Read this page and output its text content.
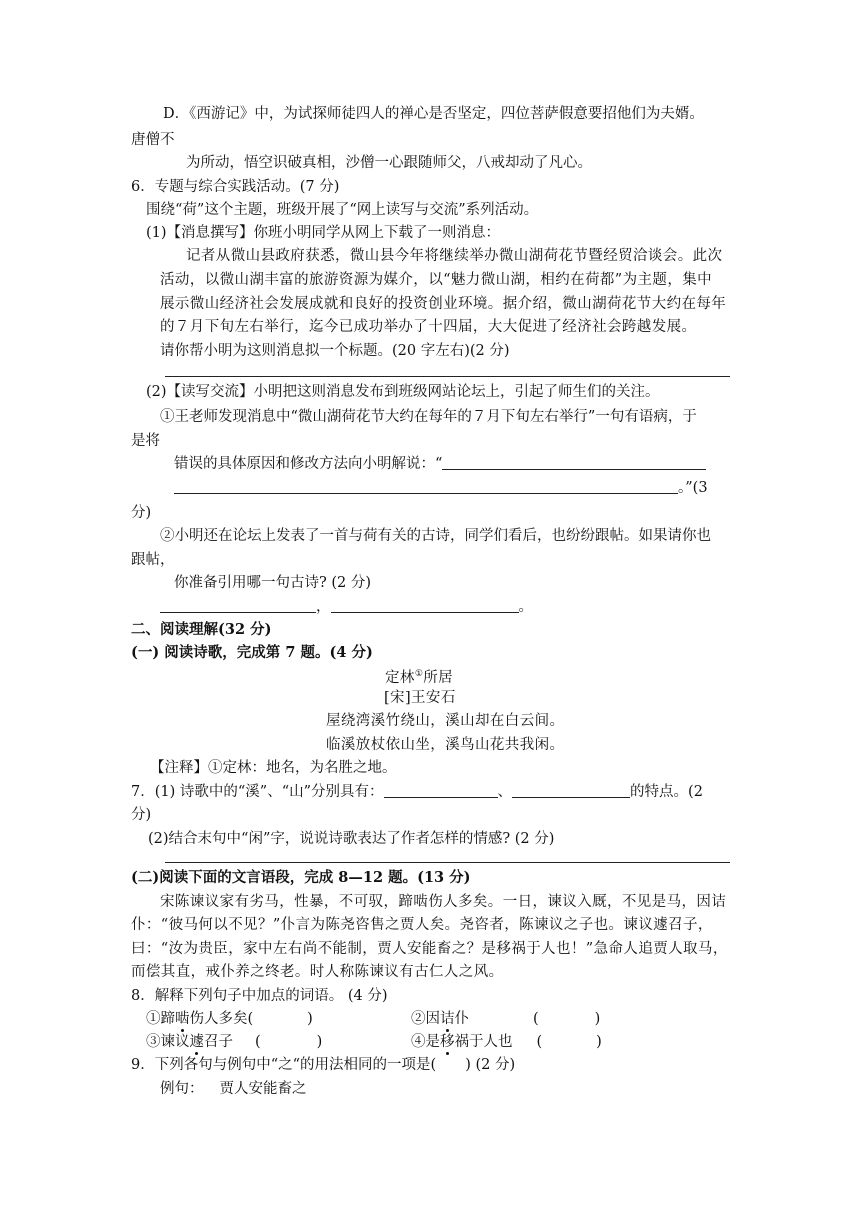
D．《西游记》中，为试探师徒四人的禅心是否坚定，四位菩萨假意要招他们为夫婿。
唐僧不
为所动，悟空识破真相，沙僧一心跟随师父，八戒却动了凡心。
6．专题与综合实践活动。(7 分)
围绕“荷”这个主题，班级开展了“网上读写与交流”系列活动。
(1)【消息撰写】你班小明同学从网上下载了一则消息：
记者从微山县政府获悉，微山县今年将继续举办微山湖荷花节暨经贸洽谈会。此次
活动，以微山湖丰富的旅游资源为媒介，以“魅力微山湖，相约在荷都”为主题，集中
展示微山经济社会发展成就和良好的投资创业环境。据介绍，微山湖荷花节大约在每年
的７月下旬左右举行，迄今已成功举办了十四届，大大促进了经济社会跨越发展。
请你帮小明为这则消息拟一个标题。(20 字左右)(2 分)
(2)【读写交流】小明把这则消息发布到班级网站论坛上，引起了师生们的关注。
①王老师发现消息中“微山湖荷花节大约在每年的７月下旬左右举行”一句有语病，于
是将
错误的具体原因和修改方法向小明解说：“
。”(3
分)
②小明还在论坛上发表了一首与荷有关的古诗，同学们看后，也纷纷跟帖。如果请你也
跟帖，
你准备引用哪一句古诗? (2 分)
，	。
二、阅读理解(32 分)
(一) 阅读诗歌，完成第 7 题。(4 分)
定林①所居
[宋]王安石
屋绕湾溪竹绕山，溪山却在白云间。
临溪放杖依山坐，溪鸟山花共我闲。
【注释】①定林：地名，为名胜之地。
7．(1) 诗歌中的“溪”、“山”分别具有：	、	的特点。(2
分)
(2)结合末句中“闲”字，说说诗歌表达了作者怎样的情感? (2 分)
(二)阅读下面的文言语段，完成 8—12 题。(13 分)
宋陈谏议家有劣马，性暴，不可驭，蹄啮伤人多矣。一日，谏议入厩，不见是马，因诘
仆：“彼马何以不见？”仆言为陈尧咨售之贾人矣。尧咨者，陈谏议之子也。谏议遽召子，
曰：“汝为贵臣，家中左右尚不能制，贾人安能畜之？是移祸于人也！”急命人追贾人取马，
而偿其直，戒仆养之终老。时人称陈谏议有古仁人之风。
8．解释下列句子中加点的词语。 (4 分)
①蹄啮伤人多矣(	)	②因诘仆	(	)
③谏议遽召子 (	)	④是移祸于人也 (	)
9．下列各句与例句中“之“的用法相同的一项是(　　) (2 分)
例句： 贾人安能畜之
